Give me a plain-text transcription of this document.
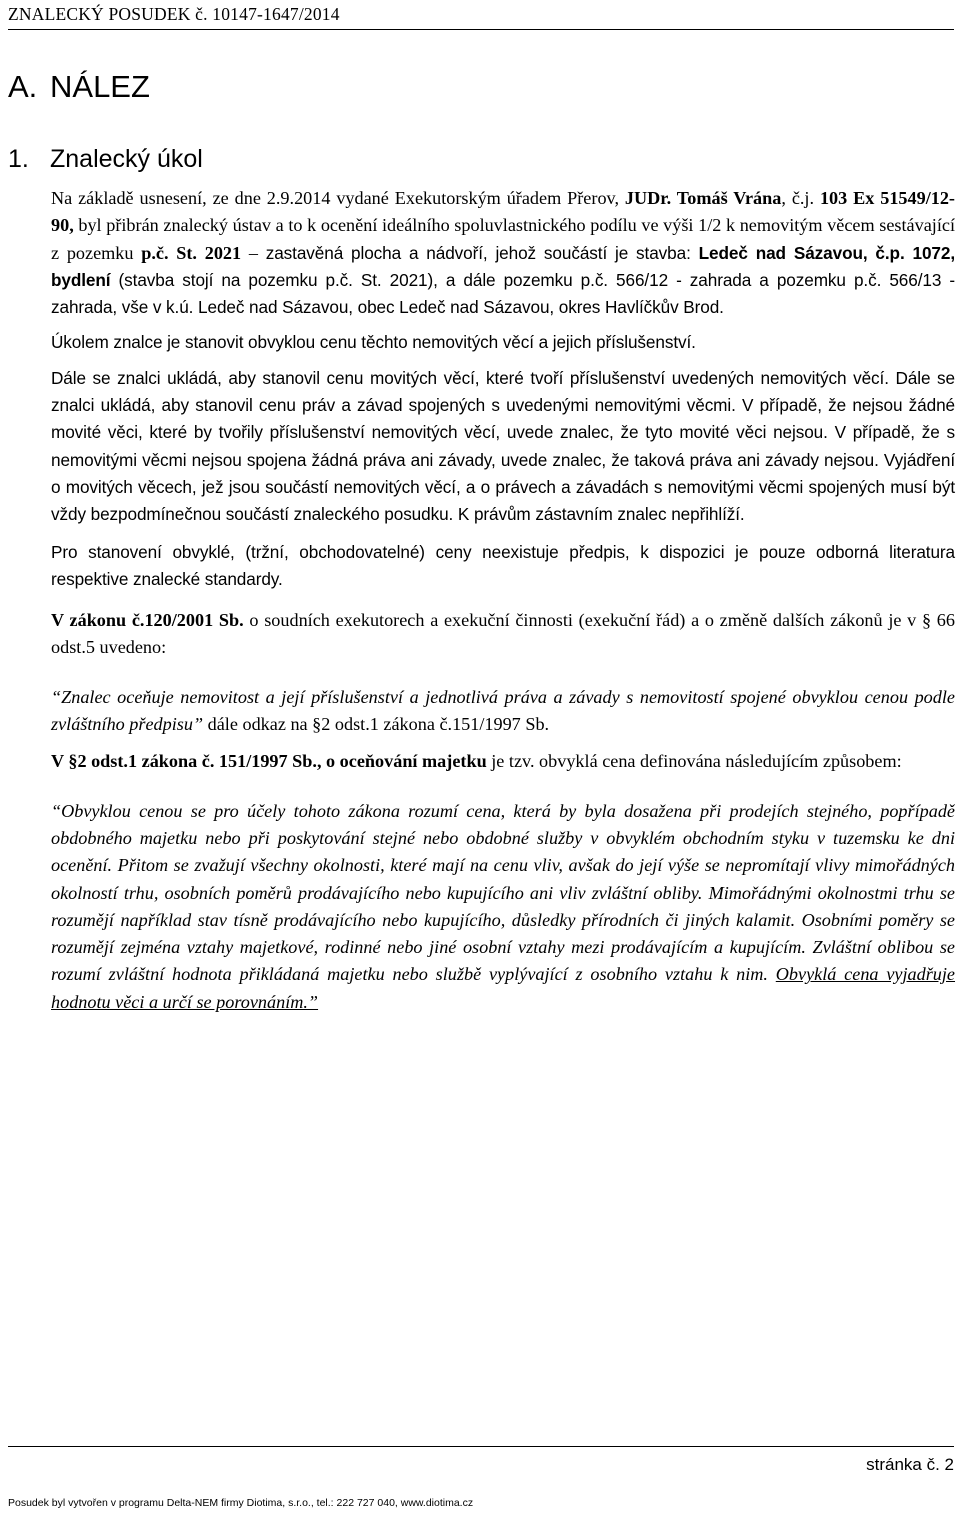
ZNALECKÝ POSUDEK č. 10147-1647/2014
A. NÁLEZ
1. Znalecký úkol

Na základě usnesení, ze dne 2.9.2014 vydané Exekutorským úřadem Přerov, JUDr. Tomáš Vrána, č.j. 103 Ex 51549/12-90, byl přibrán znalecký ústav a to k ocenění ideálního spoluvlastnického podílu ve výši 1/2 k nemovitým věcem sestávající z pozemku p.č. St. 2021 – zastavěná plocha a nádvoří, jehož součástí je stavba: Ledeč nad Sázavou, č.p. 1072, bydlení (stavba stojí na pozemku p.č. St. 2021), a dále pozemku p.č. 566/12 - zahrada a pozemku p.č. 566/13 - zahrada, vše v k.ú. Ledeč nad Sázavou, obec Ledeč nad Sázavou, okres Havlíčkův Brod.

Úkolem znalce je stanovit obvyklou cenu těchto nemovitých věcí a jejich příslušenství.

Dále se znalci ukládá, aby stanovil cenu movitých věcí, které tvoří příslušenství uvedených nemovitých věcí. Dále se znalci ukládá, aby stanovil cenu práv a závad spojených s uvedenými nemovitými věcmi. V případě, že nejsou žádné movité věci, které by tvořily příslušenství nemovitých věcí, uvede znalec, že tyto movité věci nejsou. V případě, že s nemovitými věcmi nejsou spojena žádná práva ani závady, uvede znalec, že taková práva ani závady nejsou. Vyjádření o movitých věcech, jež jsou součástí nemovitých věcí, a o právech a závadách s nemovitými věcmi spojených musí být vždy bezpodmínečnou součástí znaleckého posudku. K právům zástavním znalec nepřihlíží.

Pro stanovení obvyklé, (tržní, obchodovatelné) ceny neexistuje předpis, k dispozici je pouze odborná literatura respektive znalecké standardy.

V zákonu č.120/2001 Sb. o soudních exekutorech a exekuční činnosti (exekuční řád) a o změně dalších zákonů je v § 66 odst.5 uvedeno:

“Znalec oceňuje nemovitost a její příslušenství a jednotlivá práva a závady s nemovitostí spojené obvyklou cenou podle zvláštního předpisu” dále odkaz na §2 odst.1 zákona č.151/1997 Sb.

V §2 odst.1 zákona č. 151/1997 Sb., o oceňování majetku je tzv. obvyklá cena definována následujícím způsobem:

“Obvyklou cenou se pro účely tohoto zákona rozumí cena, která by byla dosažena při prodejích stejného, popřípadě obdobného majetku nebo při poskytování stejné nebo obdobné služby v obvyklém obchodním styku v tuzemsku ke dni ocenění. Přitom se zvažují všechny okolnosti, které mají na cenu vliv, avšak do její výše se nepromítají vlivy mimořádných okolností trhu, osobních poměrů prodávajícího nebo kupujícího ani vliv zvláštní obliby. Mimořádnými okolnostmi trhu se rozumějí například stav tísně prodávajícího nebo kupujícího, důsledky přírodních či jiných kalamit. Osobními poměry se rozumějí zejména vztahy majetkové, rodinné nebo jiné osobní vztahy mezi prodávajícím a kupujícím. Zvláštní oblibou se rozumí zvláštní hodnota přikládaná majetku nebo službě vyplývající z osobního vztahu k nim. Obvyklá cena vyjadřuje hodnotu věci a určí se porovnáním.”

stránka č. 2
Posudek byl vytvořen v programu Delta-NEM firmy Diotima, s.r.o., tel.: 222 727 040, www.diotima.cz
